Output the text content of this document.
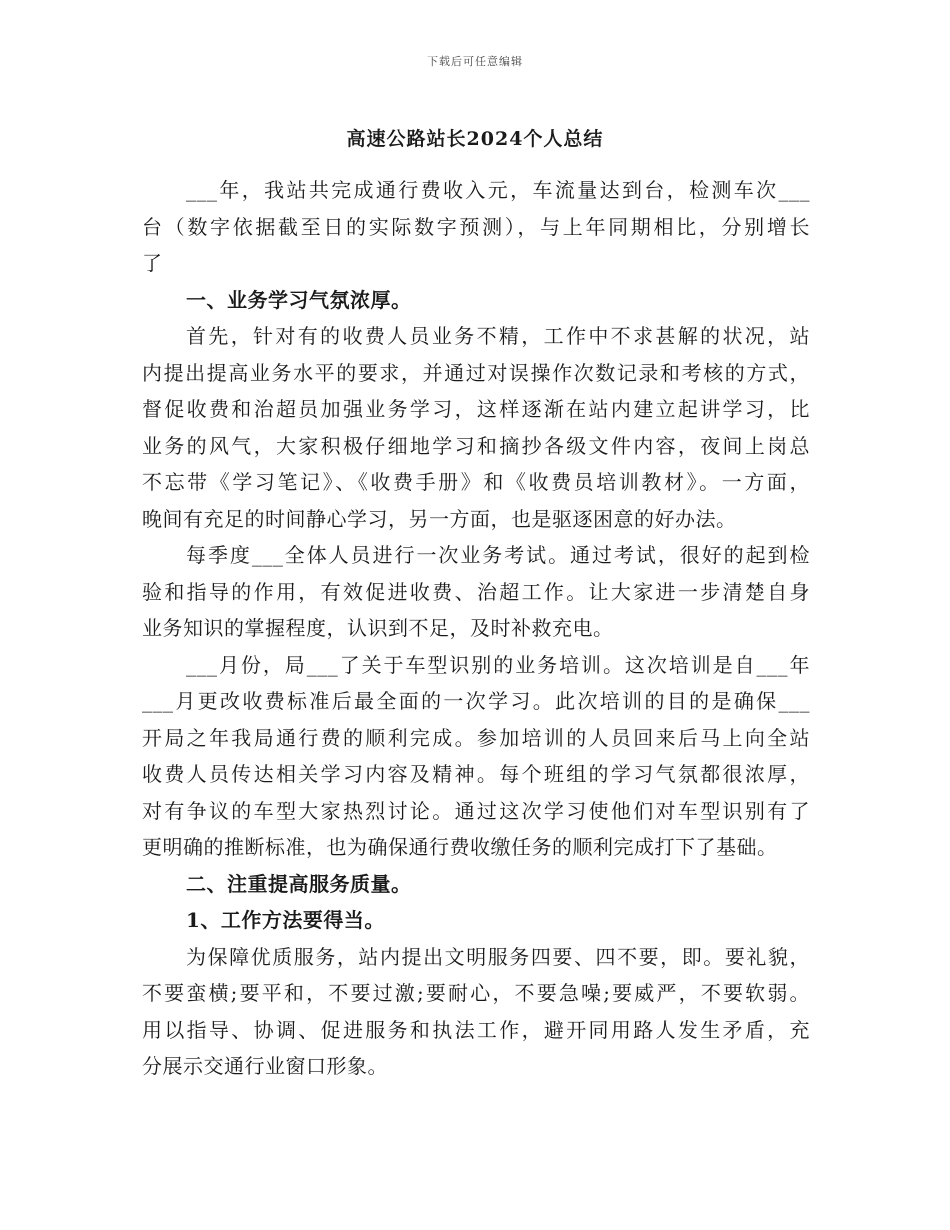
下载后可任意编辑
高速公路站长2024个人总结
___年，我站共完成通行费收入元，车流量达到台，检测车次___
台（数字依据截至日的实际数字预测），与上年同期相比，分别增长
了
一、业务学习气氛浓厚。
首先，针对有的收费人员业务不精，工作中不求甚解的状况，站
内提出提高业务水平的要求，并通过对误操作次数记录和考核的方式，
督促收费和治超员加强业务学习，这样逐渐在站内建立起讲学习，比
业务的风气，大家积极仔细地学习和摘抄各级文件内容，夜间上岗总
不忘带《学习笔记》、《收费手册》和《收费员培训教材》。一方面，
晚间有充足的时间静心学习，另一方面，也是驱逐困意的好办法。
每季度___全体人员进行一次业务考试。通过考试，很好的起到检
验和指导的作用，有效促进收费、治超工作。让大家进一步清楚自身
业务知识的掌握程度，认识到不足，及时补救充电。
___月份，局___了关于车型识别的业务培训。这次培训是自___年
___月更改收费标准后最全面的一次学习。此次培训的目的是确保___
开局之年我局通行费的顺利完成。参加培训的人员回来后马上向全站
收费人员传达相关学习内容及精神。每个班组的学习气氛都很浓厚，
对有争议的车型大家热烈讨论。通过这次学习使他们对车型识别有了
更明确的推断标准，也为确保通行费收缴任务的顺利完成打下了基础。
二、注重提高服务质量。
1、工作方法要得当。
为保障优质服务，站内提出文明服务四要、四不要，即。要礼貌，
不要蛮横;要平和，不要过激;要耐心，不要急噪;要威严，不要软弱。
用以指导、协调、促进服务和执法工作，避开同用路人发生矛盾，充
分展示交通行业窗口形象。
